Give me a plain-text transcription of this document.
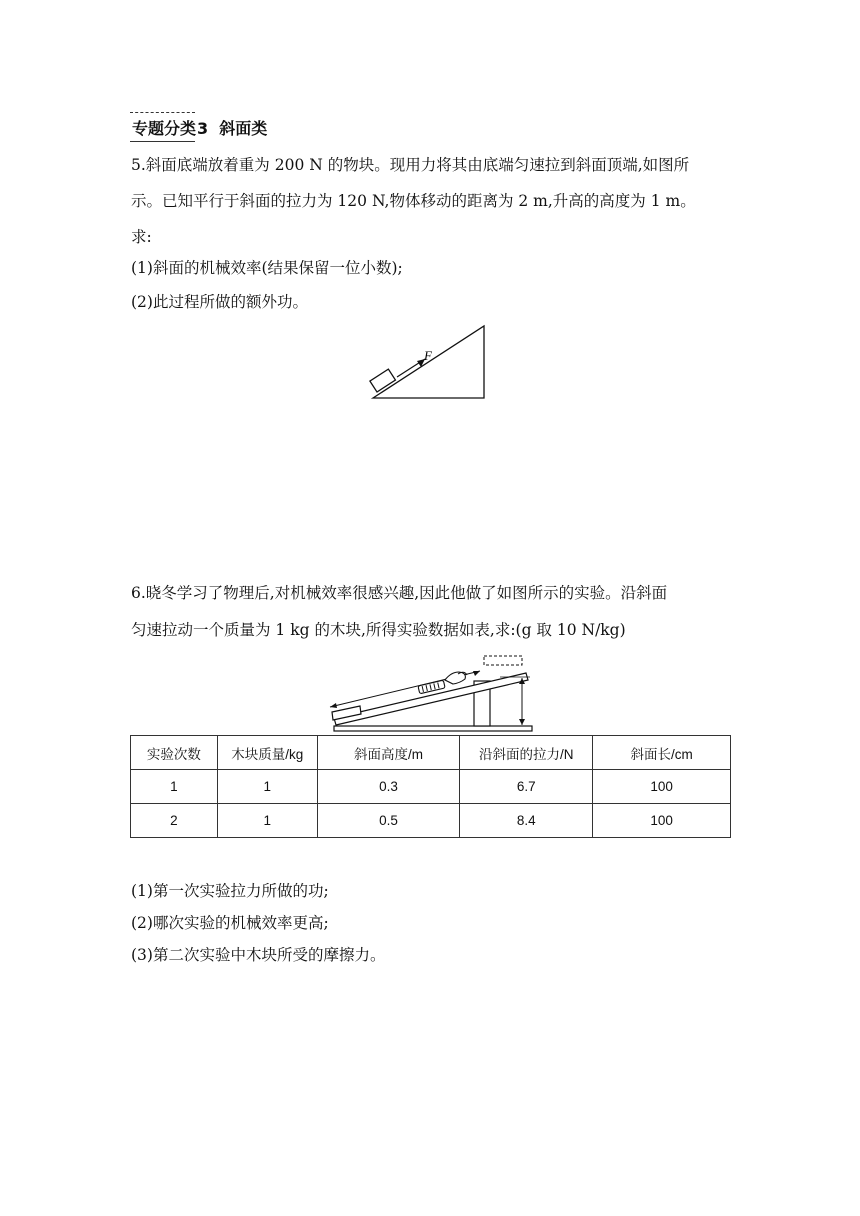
专题分类3 斜面类
5.斜面底端放着重为 200 N 的物块。现用力将其由底端匀速拉到斜面顶端,如图所
示。已知平行于斜面的拉力为 120 N,物体移动的距离为 2 m,升高的高度为 1 m。
求:
(1)斜面的机械效率(结果保留一位小数);
(2)此过程所做的额外功。
F
6.晓冬学习了物理后,对机械效率很感兴趣,因此他做了如图所示的实验。沿斜面
匀速拉动一个质量为 1 kg 的木块,所得实验数据如表,求:(g 取 10 N/kg)
实验次数	木块质量/kg	斜面高度/m	沿斜面的拉力/N	斜面长/cm
1	1	0.3	6.7	100
2	1	0.5	8.4	100
(1)第一次实验拉力所做的功;
(2)哪次实验的机械效率更高;
(3)第二次实验中木块所受的摩擦力。
